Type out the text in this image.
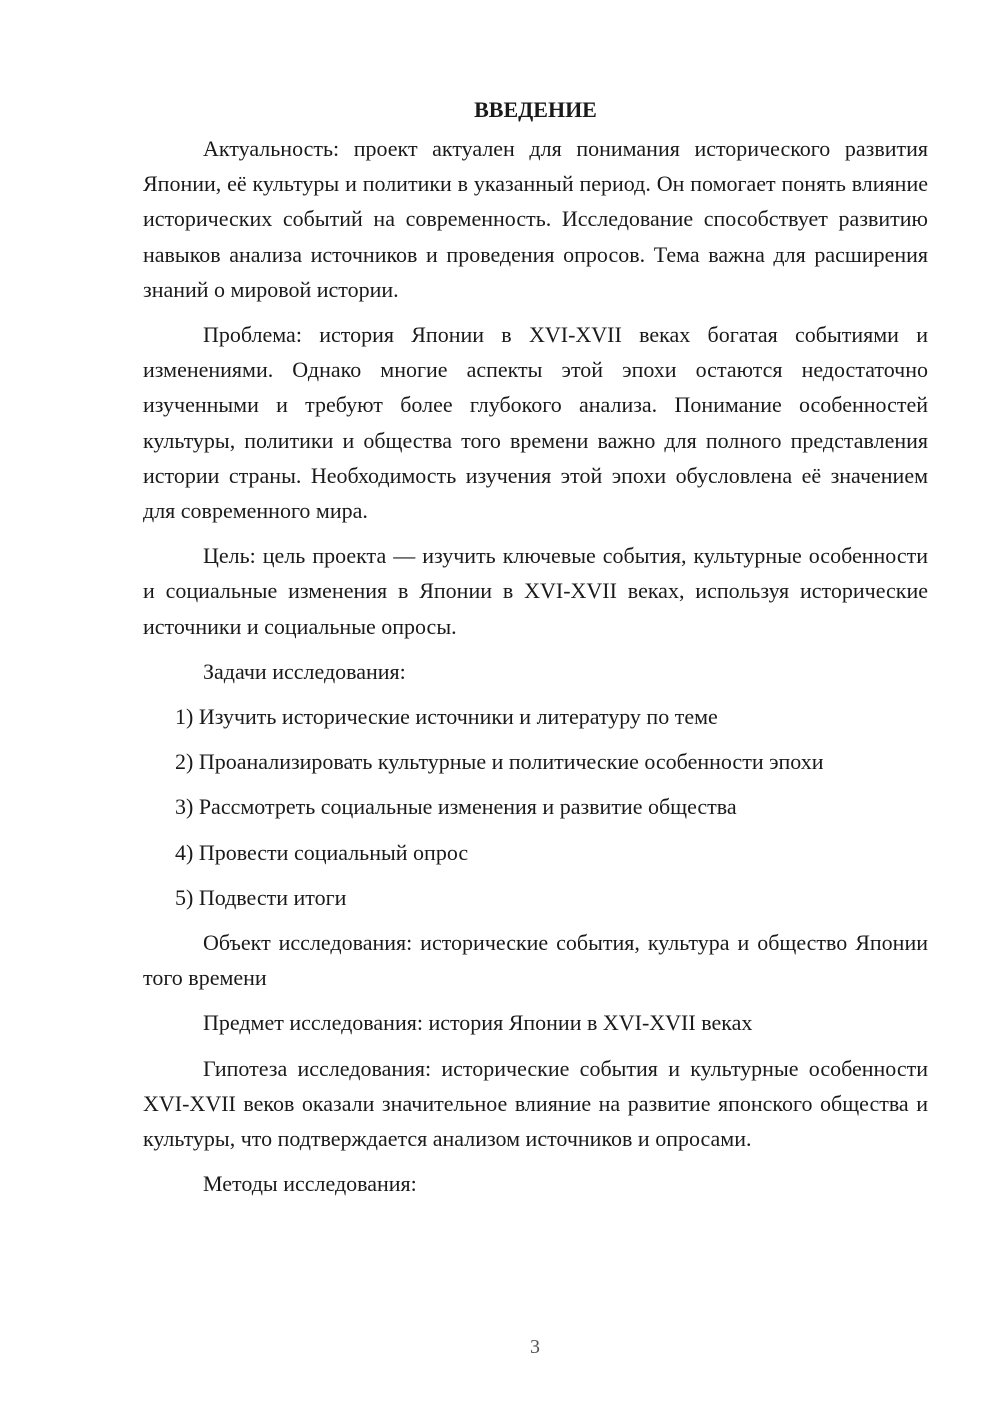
ВВЕДЕНИЕ

Актуальность: проект актуален для понимания исторического развития Японии, её культуры и политики в указанный период. Он помогает понять влияние исторических событий на современность. Исследование способствует развитию навыков анализа источников и проведения опросов. Тема важна для расширения знаний о мировой истории.

Проблема: история Японии в XVI-XVII веках богатая событиями и изменениями. Однако многие аспекты этой эпохи остаются недостаточно изученными и требуют более глубокого анализа. Понимание особенностей культуры, политики и общества того времени важно для полного представления истории страны. Необходимость изучения этой эпохи обусловлена её значением для современного мира.

Цель: цель проекта — изучить ключевые события, культурные особенности и социальные изменения в Японии в XVI-XVII веках, используя исторические источники и социальные опросы.

Задачи исследования:

1) Изучить исторические источники и литературу по теме
2) Проанализировать культурные и политические особенности эпохи
3) Рассмотреть социальные изменения и развитие общества
4) Провести социальный опрос
5) Подвести итоги

Объект исследования: исторические события, культура и общество Японии того времени

Предмет исследования: история Японии в XVI-XVII веках

Гипотеза исследования: исторические события и культурные особенности XVI-XVII веков оказали значительное влияние на развитие японского общества и культуры, что подтверждается анализом источников и опросами.

Методы исследования:

3
